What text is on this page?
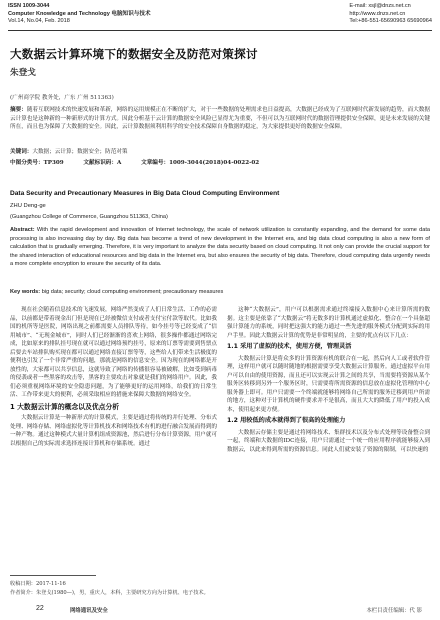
ISSN 1009-3044
Computer Knowledge and Technology 电脑知识与技术
Vol.14, No.04, Feb. 2018
E-mail: xsjl@dnzs.net.cn
http://www.dnzs.net.cn
Tel:+86-551-65690963 65690964
大数据云计算环境下的数据安全及防范对策探讨
朱登戈
(广州商学院 教务处，广东 广州 511363)
摘要：随着互联网技术的快速发展和革新，网络的运用规模正在不断的扩大，对于一些数据的处理需求也日益提高，大数据已经成为了互联网时代新发展的趋势，而大数据云计算也是这种新的一种新形式的计算方式。因此分析基于云计算的数据安全风险已显得尤为重要，不但可以为互联网时代的数据管理提供安全保障，更是未来发展的关键所在，而且也为保障了大数据的安全。因此，云计算数据须利用科学的安全技术保障自身数据的稳定，为大家提供更好的数据安全保障。
关键词：大数据；云计算；数据安全；防范对策
中图分类号：TP309	文献标识码：A	文章编号：1009-3044(2018)04-0022-02
Data Security and Precautionary Measures in Big Data Cloud Computing Environment
ZHU Deng-ge
(Guangzhou College of Commerce, Guangzhou 511363, China)
Abstract: With the rapid development and innovation of Internet technology, the scale of network utilization is constantly expanding, and the demand for some data processing is also increasing day by day. Big data has become a trend of new development in the Internet era, and big data cloud computing is also a new form of calculation that is gradually emerging. Therefore, it is very important to analyze the data security based on cloud computing. It not only can provide the crucial support for the shared interaction of educational resources and big data in the Internet era, but also ensures the security of big data. Therefore, cloud computing data urgently needs a more complete encryption to ensure the security of its data.
Key words: big data; security; cloud computing environment; precautionary measures

现在社会随着信息技术的飞速发展，网络严然变成了人们日常生活、工作的必需品，以前都是带着现金出门但是现在已经被微信支付或者支付宝付款等取代。比如我国的机所等是医院，网络出现之前都需要人员排队等待，如今挂号等已经变成了“信用城市”、“无现金城市”，同时人们已经渐渐的喜欢上网络，很多操作都通过网络完成，比如原来的排队挂号现在就可以通过网络预约挂号，原来的订票等需要到售票点后要去车站排队购买现在都可以通过网络直接订票等等，这些给人们带来生活极度的便利也引发了一个非常严重的问题，那就是网络的信息安全。因为现在的网络都是开放性的，大家都可以共享信息，这就导致了网络的传播很容易被破解，比如受到病毒的侵袭或者一些黑客的攻击等，黑客的主要攻击对象就是我们的网络用户。因此，我们必须重视网络环境的安全隐患问题，为了能够更好的运用网络，给我们的日常生活、工作带来更大的便利，必须采取相应的措施来保障大数据的网络安全。

1 大数据云计算的概念以及优点分析

大数据云计算是一种新形式的计算模式，主要是通过将传统的并行处理、分布式处理、网络存储、网络虚拟化等计算机技术和网络技术有机的进行融合发展而得到的一种产物。通过这种模式大量计算机组成资源池，然后进行分布计算资源，用户就可以根据自己的实际需求选择连接计算机和存储系统。通过

这种“大数据云”，用户可以根据需求通过终端接入数据中心来计算所需的数据。这主要是依靠了“大数据云”将无数多的计算机通过虚拟化、整合在一个具备超强计算能力的系统，同时把这强大的能力通过一些先进的服务模式分配到实际的用户手里。因此大数据云计算的优势是非常明显的，主要的优点有以下几点：

1.1 采用了虚拟的技术，使用方便，管理灵活

大数据云计算是将众多的计算资源有机的联合在一起，然后向人工或者软件管理，这样用户就可以随时随地的根据需要享受大数据云计算服务。通过虚拟平台用户可以自由的使用资源，而且还可以实现云计算之间的共享，当需要将资源从某个服务区转移到另外一个服务区时，只需要将所需资源的信息放在虚拟化管理的中心服务器上即可。用户只需要一个终端就能够将网络自己所需的服务迁移到用户所需的地方，这种对于计算机的硬件要求并不是很高，而且大大的降低了用户的投入成本，使用起来更方便。

1.2 用较低的成本就得到了很高的处理能力

大数据云存储主要是通过将网络技术、集群技术以及分布式处理等设备整合到一起，终端和大数据的IDC连接，用户只需通过一个统一的应用程序就能够接入到数据云，以此来得到所需的资源信息。同此人们就安装了资源的限制，可以快速的

收稿日期：2017-11-16
作者简介：朱登戈(1980—)，男，重庆人，本科，主要研究方向为计算机、电子技术。
22	网络通讯及安全	本栏目责任编辑：代 影
